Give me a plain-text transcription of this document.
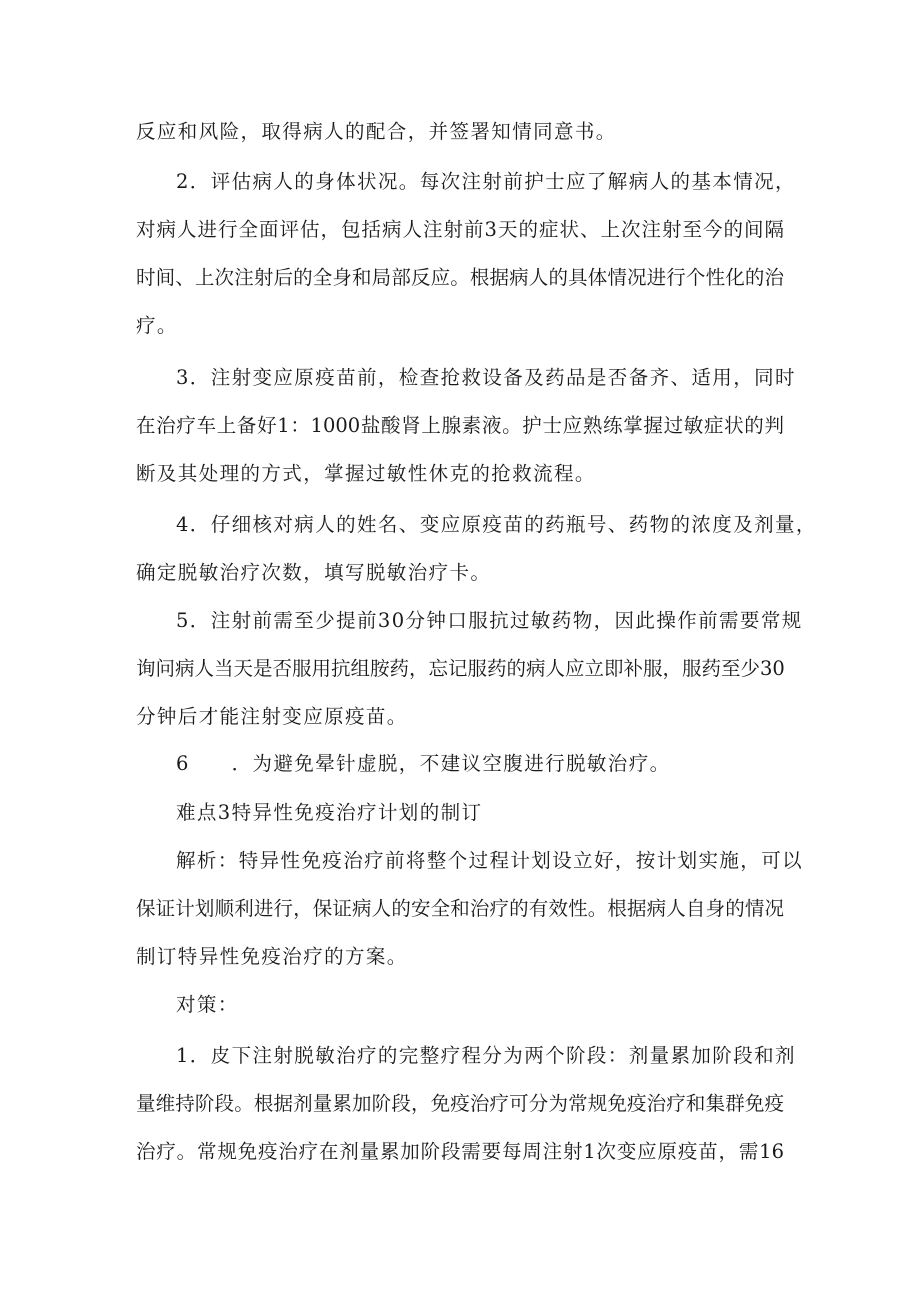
反应和风险，取得病人的配合，并签署知情同意书。
2．评估病人的身体状况。每次注射前护士应了解病人的基本情况，
对病人进行全面评估，包括病人注射前3天的症状、上次注射至今的间隔
时间、上次注射后的全身和局部反应。根据病人的具体情况进行个性化的治
疗。
3．注射变应原疫苗前，检查抢救设备及药品是否备齐、适用，同时
在治疗车上备好1：1000盐酸肾上腺素液。护士应熟练掌握过敏症状的判
断及其处理的方式，掌握过敏性休克的抢救流程。
4．仔细核对病人的姓名、变应原疫苗的药瓶号、药物的浓度及剂量，
确定脱敏治疗次数，填写脱敏治疗卡。
5．注射前需至少提前30分钟口服抗过敏药物，因此操作前需要常规
询问病人当天是否服用抗组胺药，忘记服药的病人应立即补服，服药至少30
分钟后才能注射变应原疫苗。
6　　．为避免晕针虚脱，不建议空腹进行脱敏治疗。
难点3特异性免疫治疗计划的制订
解析：特异性免疫治疗前将整个过程计划设立好，按计划实施，可以
保证计划顺利进行，保证病人的安全和治疗的有效性。根据病人自身的情况
制订特异性免疫治疗的方案。
对策：
1．皮下注射脱敏治疗的完整疗程分为两个阶段：剂量累加阶段和剂
量维持阶段。根据剂量累加阶段，免疫治疗可分为常规免疫治疗和集群免疫
治疗。常规免疫治疗在剂量累加阶段需要每周注射1次变应原疫苗，需16
